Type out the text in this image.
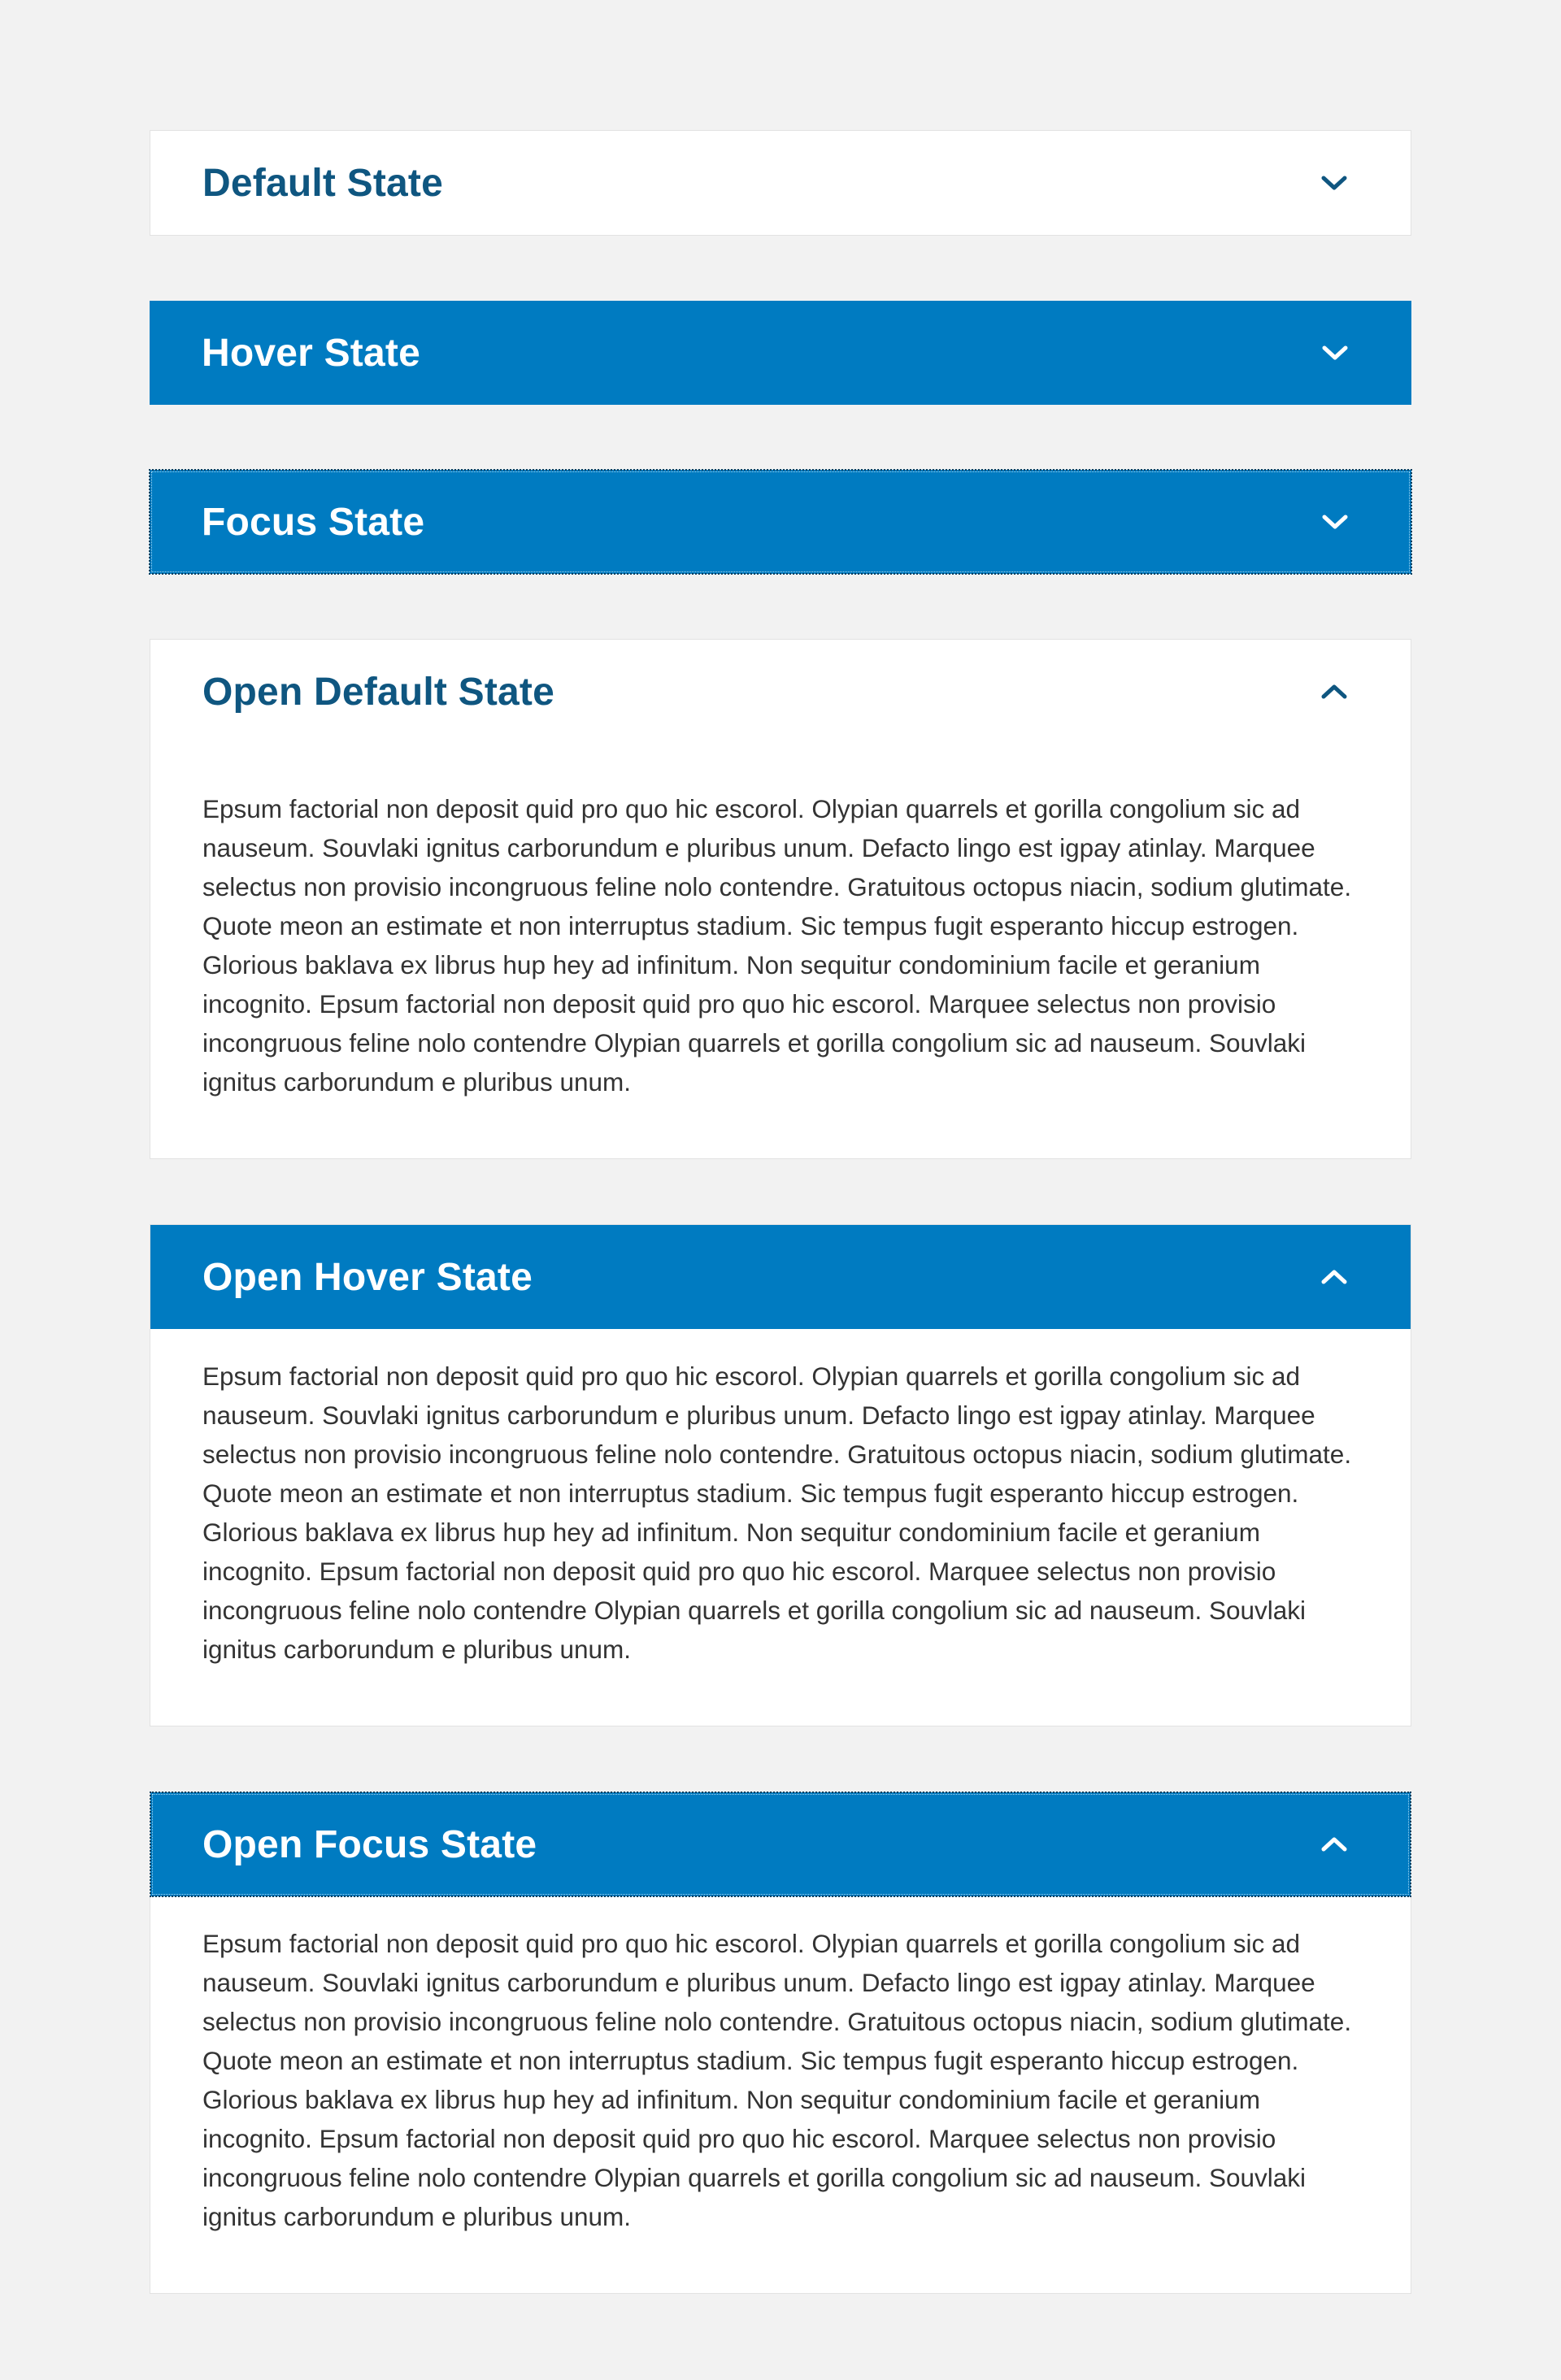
Default State
Hover State
Focus State
Open Default State
Epsum factorial non deposit quid pro quo hic escorol. Olypian quarrels et gorilla congolium sic ad nauseum. Souvlaki ignitus carborundum e pluribus unum. Defacto lingo est igpay atinlay. Marquee selectus non provisio incongruous feline nolo contendre. Gratuitous octopus niacin, sodium glutimate. Quote meon an estimate et non interruptus stadium. Sic tempus fugit esperanto hiccup estrogen. Glorious baklava ex librus hup hey ad infinitum. Non sequitur condominium facile et geranium incognito. Epsum factorial non deposit quid pro quo hic escorol. Marquee selectus non provisio incongruous feline nolo contendre Olypian quarrels et gorilla congolium sic ad nauseum. Souvlaki ignitus carborundum e pluribus unum.
Open Hover State
Epsum factorial non deposit quid pro quo hic escorol. Olypian quarrels et gorilla congolium sic ad nauseum. Souvlaki ignitus carborundum e pluribus unum. Defacto lingo est igpay atinlay. Marquee selectus non provisio incongruous feline nolo contendre. Gratuitous octopus niacin, sodium glutimate. Quote meon an estimate et non interruptus stadium. Sic tempus fugit esperanto hiccup estrogen. Glorious baklava ex librus hup hey ad infinitum. Non sequitur condominium facile et geranium incognito. Epsum factorial non deposit quid pro quo hic escorol. Marquee selectus non provisio incongruous feline nolo contendre Olypian quarrels et gorilla congolium sic ad nauseum. Souvlaki ignitus carborundum e pluribus unum.
Open Focus State
Epsum factorial non deposit quid pro quo hic escorol. Olypian quarrels et gorilla congolium sic ad nauseum. Souvlaki ignitus carborundum e pluribus unum. Defacto lingo est igpay atinlay. Marquee selectus non provisio incongruous feline nolo contendre. Gratuitous octopus niacin, sodium glutimate. Quote meon an estimate et non interruptus stadium. Sic tempus fugit esperanto hiccup estrogen. Glorious baklava ex librus hup hey ad infinitum. Non sequitur condominium facile et geranium incognito. Epsum factorial non deposit quid pro quo hic escorol. Marquee selectus non provisio incongruous feline nolo contendre Olypian quarrels et gorilla congolium sic ad nauseum. Souvlaki ignitus carborundum e pluribus unum.
